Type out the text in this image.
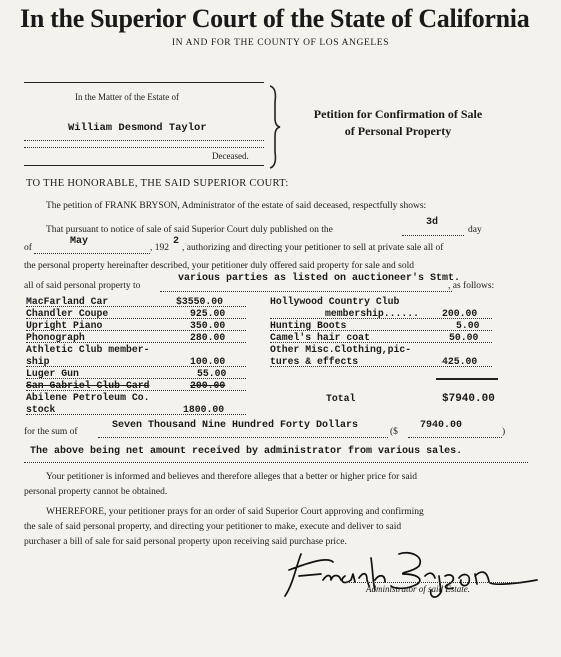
In the Superior Court of the State of California
IN AND FOR THE COUNTY OF LOS ANGELES
In the Matter of the Estate of
William Desmond Taylor
Deceased.
Petition for Confirmation of Sale
of Personal Property
TO THE HONORABLE, THE SAID SUPERIOR COURT:
The petition of FRANK BRYSON, Administrator of the estate of said deceased, respectfully shows:
That pursuant to notice of sale of said Superior Court duly published on the
3d
day
of
May
, 192
2
, authorizing and directing your petitioner to sell at private sale all of
the personal property hereinafter described, your petitioner duly offered said property for sale and sold
all of said personal property to
various parties as listed on auctioneer's Stmt.
, as follows:
MacFarland Car	$3550.00
Chandler Coupe	925.00
Upright Piano	350.00
Phonograph	280.00
Athletic Club member-
ship	100.00
Luger Gun	55.00
San Gabriel Club Card	200.00
Abilene Petroleum Co.
stock	1800.00
Hollywood Country Club
membership...... 200.00
Hunting Boots	5.00
Camel's hair coat	50.00
Other Misc.Clothing,pic-
tures & effects	425.00
Total	$7940.00
for the sum of
Seven Thousand Nine Hundred Forty Dollars
($
7940.00
)
The above being net amount received by administrator from various sales.
Your petitioner is informed and believes and therefore alleges that a better or higher price for said
personal property cannot be obtained.
WHEREFORE, your petitioner prays for an order of said Superior Court approving and confirming
the sale of said personal property, and directing your petitioner to make, execute and deliver to said
purchaser a bill of sale for said personal property upon receiving said purchase price.
Administrator of said Estate.
